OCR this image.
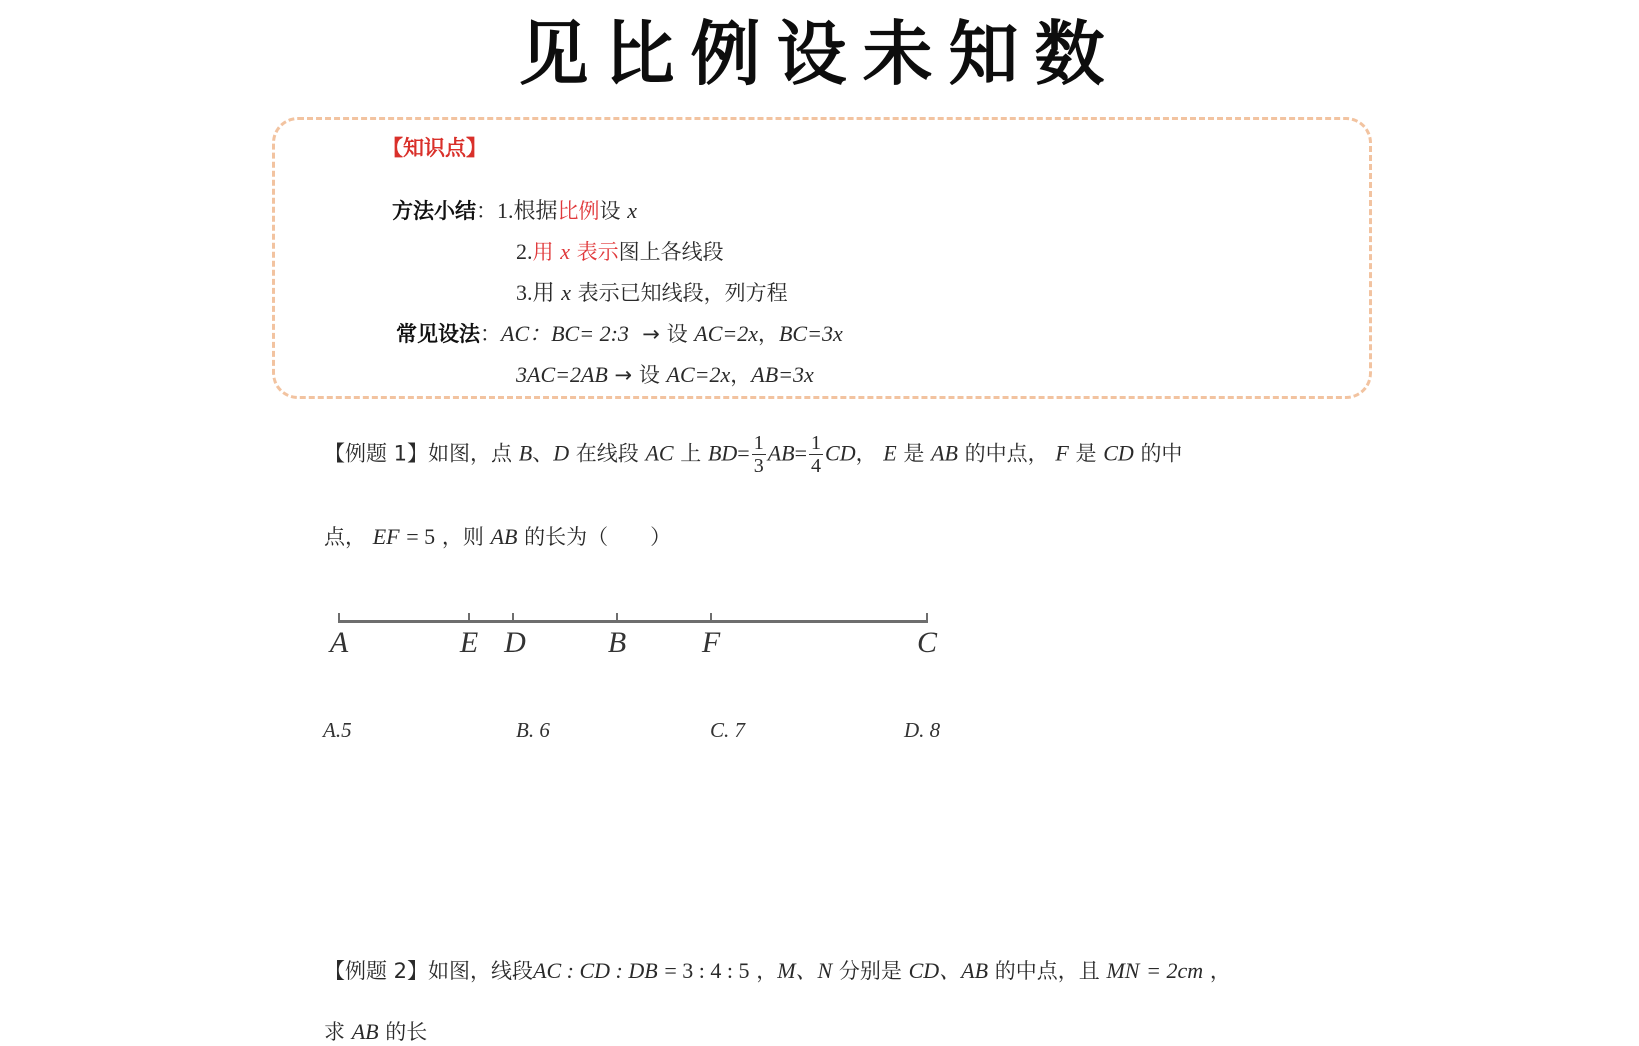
见比例设未知数
【知识点】
方法小结：1.根据比例设 x
2.用 x 表示图上各线段
3.用 x 表示已知线段，列方程
常见设法：AC：BC= 2:3 → 设 AC=2x，BC=3x
3AC=2AB → 设 AC=2x，AB=3x
【例题 1】如图，点 B、D 在线段 AC 上 $BD= \frac{1}{3} AB= \frac{1}{4}$ CD， E 是 AB 的中点， F 是 CD 的中
点， EF = 5 ，则 AB 的长为（　　）
A	E D	B	F	C
A.5	B. 6	C. 7	D. 8
【例题 2】如图，线段AC : CD : DB = 3 : 4 : 5 ，M、N 分别是 CD、AB 的中点，且 MN = 2cm ，
求 AB 的长
